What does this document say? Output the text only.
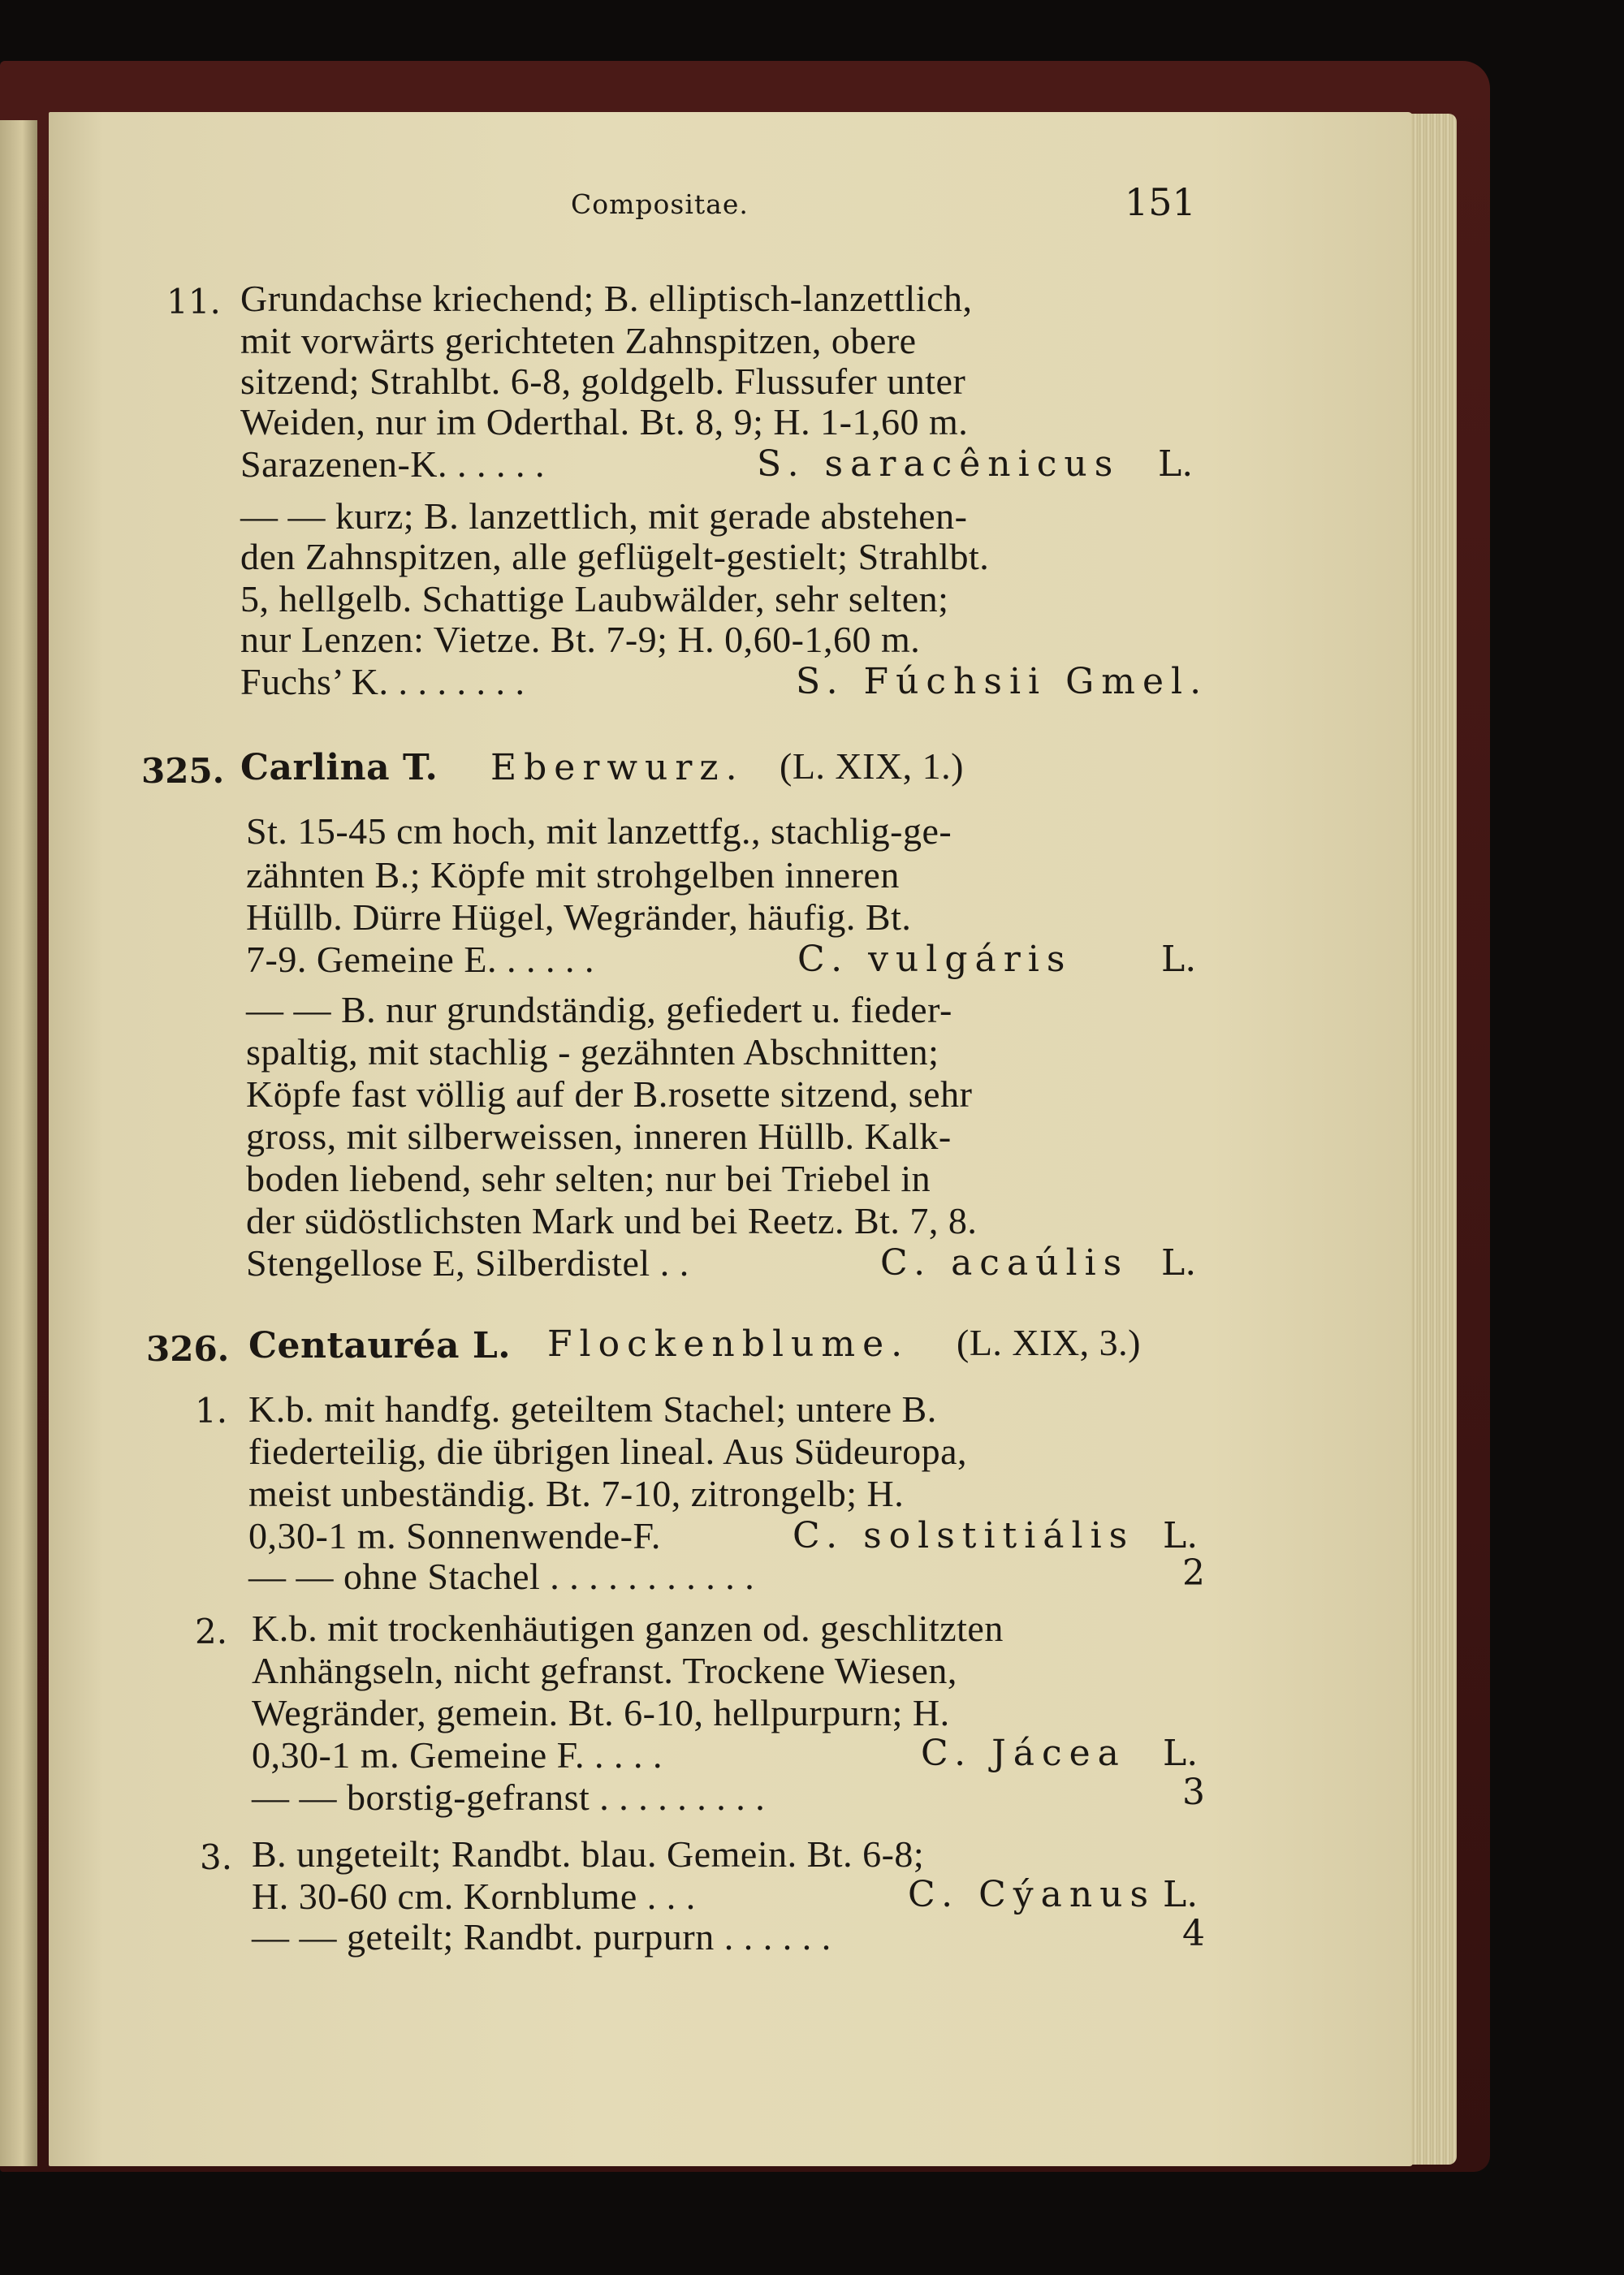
Compositae.	151
11. Grundachse kriechend; B. elliptisch-lanzettlich,
mit vorwärts gerichteten Zahnspitzen, obere
sitzend; Strahlbt. 6-8, goldgelb. Flussufer unter
Weiden, nur im Oderthal. Bt. 8, 9; H. 1-1,60 m.
Sarazenen-K. . . . . .	S. saracênicus L.
— — kurz; B. lanzettlich, mit gerade abstehen-
den Zahnspitzen, alle geflügelt-gestielt; Strahlbt.
5, hellgelb. Schattige Laubwälder, sehr selten;
nur Lenzen: Vietze. Bt. 7-9; H. 0,60-1,60 m.
Fuchs’ K. . . . . . . .	S. Fúchsii Gmel.
325. Carlina T. Eberwurz. (L. XIX, 1.)
St. 15-45 cm hoch, mit lanzettfg., stachlig-ge-
zähnten B.; Köpfe mit strohgelben inneren
Hüllb. Dürre Hügel, Wegränder, häufig. Bt.
7-9. Gemeine E. . . . . .	C. vulgáris L.
— — B. nur grundständig, gefiedert u. fieder-
spaltig, mit stachlig - gezähnten Abschnitten;
Köpfe fast völlig auf der B.rosette sitzend, sehr
gross, mit silberweissen, inneren Hüllb. Kalk-
boden liebend, sehr selten; nur bei Triebel in
der südöstlichsten Mark und bei Reetz. Bt. 7, 8.
Stengellose E, Silberdistel . .	C. acaúlis L.
326. Centauréa L. Flockenblume. (L. XIX, 3.)
1. K.b. mit handfg. geteiltem Stachel; untere B.
fiederteilig, die übrigen lineal. Aus Südeuropa,
meist unbeständig. Bt. 7-10, zitrongelb; H.
0,30-1 m. Sonnenwende-F.	C. solstitiális L.
— — ohne Stachel . . . . . . . . . . .	2
2. K.b. mit trockenhäutigen ganzen od. geschlitzten
Anhängseln, nicht gefranst. Trockene Wiesen,
Wegränder, gemein. Bt. 6-10, hellpurpurn; H.
0,30-1 m. Gemeine F. . . . .	C. Jácea L.
— — borstig-gefranst . . . . . . . . .	3
3. B. ungeteilt; Randbt. blau. Gemein. Bt. 6-8;
H. 30-60 cm. Kornblume . . .	C. Cýanus L.
— — geteilt; Randbt. purpurn . . . . . .	4
